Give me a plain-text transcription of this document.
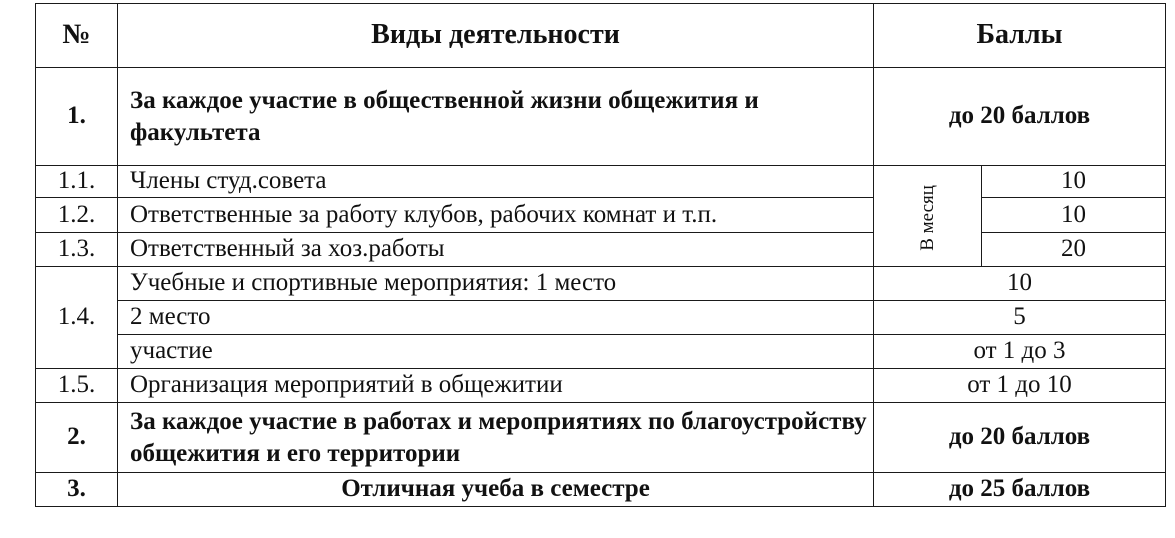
№	Виды деятельности	Баллы	
1.	За каждое участие в общественной жизни общежития и факультета	до 20 баллов	
1.1.	Члены студ.совета	В месяц	10
1.2.	Ответственные за работу клубов, рабочих комнат и т.п.		10
1.3.	Ответственный за хоз.работы		20
1.4.	Учебные и спортивные мероприятия: 1 место	10	
	2 место	5	
	участие	от 1 до 3	
1.5.	Организация мероприятий в общежитии	от 1 до 10	
2.	За каждое участие в работах и мероприятиях по благоустройству общежития и его территории	до 20 баллов	
3.	Отличная учеба в семестре	до 25 баллов	
